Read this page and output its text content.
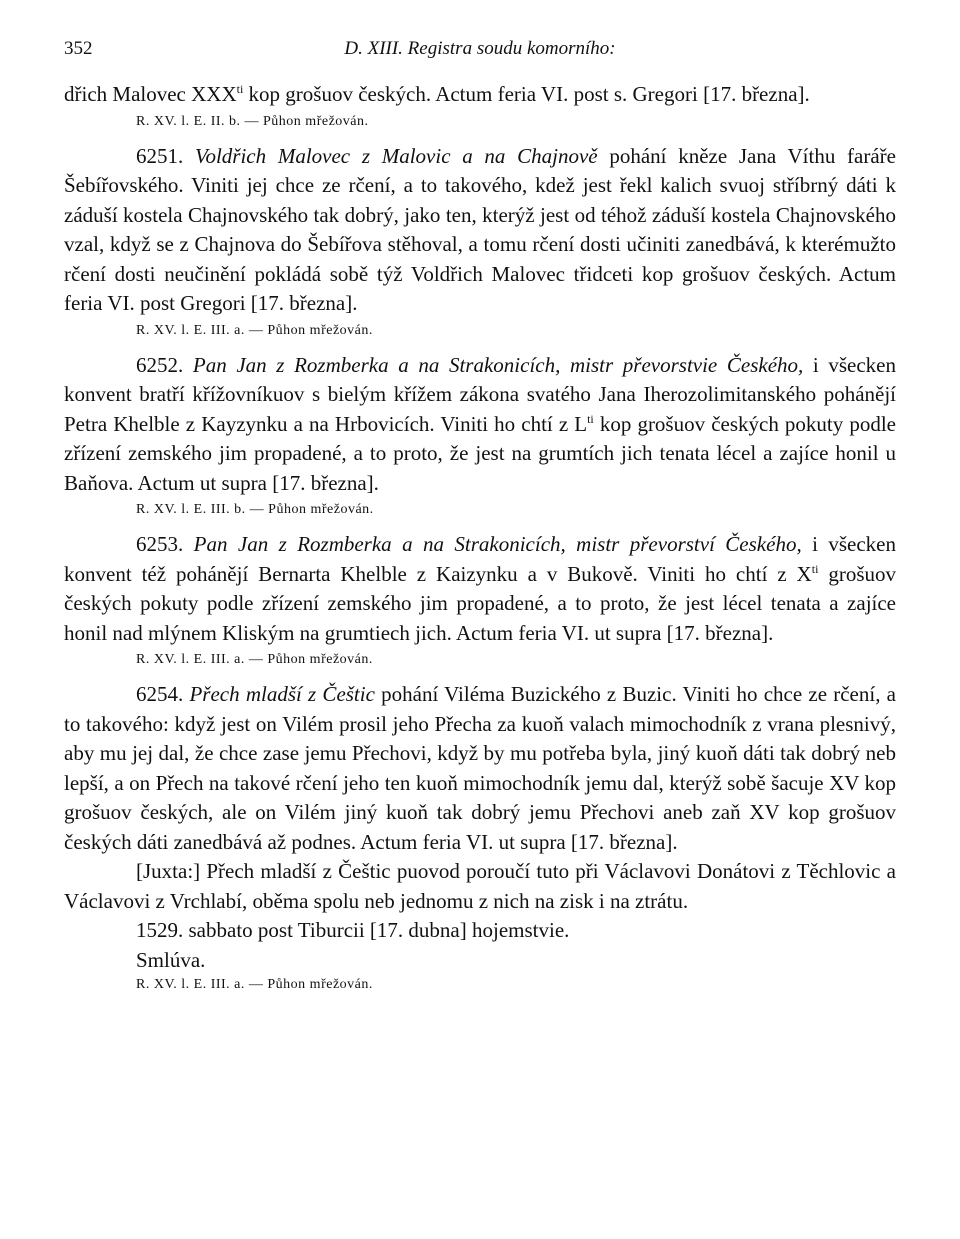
352	D. XIII. Registra soudu komorního:

dřich Malovec $XXX^{ti}$ kop grošuov českých. Actum feria VI. post s. Gregori [17. března].

R. XV. l. E. II. b. — Půhon mřežován.

6251. Voldřich Malovec z Malovic a na Chajnově pohání kněze Jana Víthu faráře Šebířovského. Viniti jej chce ze rčení, a to takového, kdež jest řekl kalich svuoj stříbrný dáti k záduší kostela Chajnovského tak dobrý, jako ten, kterýž jest od téhož záduší kostela Chajnovského vzal, když se z Chajnova do Šebířova stěhoval, a tomu rčení dosti učiniti zanedbává, k kterémužto rčení dosti neučinění pokládá sobě týž Voldřich Malovec třidceti kop grošuov českých. Actum feria VI. post Gregori [17. března].

R. XV. l. E. III. a. — Půhon mřežován.

6252. Pan Jan z Rozmberka a na Strakonicích, mistr převorstvie Českého, i všecken konvent bratří křížovníkuov s bielým křížem zákona svatého Jana Iherozolimitanského pohánějí Petra Khelble z Kayzynku a na Hrbovicích. Viniti ho chtí z $L^{ti}$ kop grošuov českých pokuty podle zřízení zemského jim propadené, a to proto, že jest na grumtích jich tenata lécel a zajíce honil u Baňova. Actum ut supra [17. března].

R. XV. l. E. III. b. — Půhon mřežován.

6253. Pan Jan z Rozmberka a na Strakonicích, mistr převorství Českého, i všecken konvent též pohánějí Bernarta Khelble z Kaizynku a v Bukově. Viniti ho chtí z $X^{ti}$ grošuov českých pokuty podle zřízení zemského jim propadené, a to proto, že jest lécel tenata a zajíce honil nad mlýnem Kliským na grumtiech jich. Actum feria VI. ut supra [17. března].

R. XV. l. E. III. a. — Půhon mřežován.

6254. Přech mladší z Češtic pohání Viléma Buzického z Buzic. Viniti ho chce ze rčení, a to takového: když jest on Vilém prosil jeho Přecha za kuoň valach mimochodník z vrana plesnivý, aby mu jej dal, že chce zase jemu Přechovi, když by mu potřeba byla, jiný kuoň dáti tak dobrý neb lepší, a on Přech na takové rčení jeho ten kuoň mimochodník jemu dal, kterýž sobě šacuje XV kop grošuov českých, ale on Vilém jiný kuoň tak dobrý jemu Přechovi aneb zaň XV kop grošuov českých dáti zanedbává až podnes. Actum feria VI. ut supra [17. března].

[Juxta:] Přech mladší z Češtic puovod poroučí tuto při Václavovi Donátovi z Těchlovic a Václavovi z Vrchlabí, oběma spolu neb jednomu z nich na zisk i na ztrátu.

1529. sabbato post Tiburcii [17. dubna] hojemstvie.

Smlúva.

R. XV. l. E. III. a. — Půhon mřežován.
